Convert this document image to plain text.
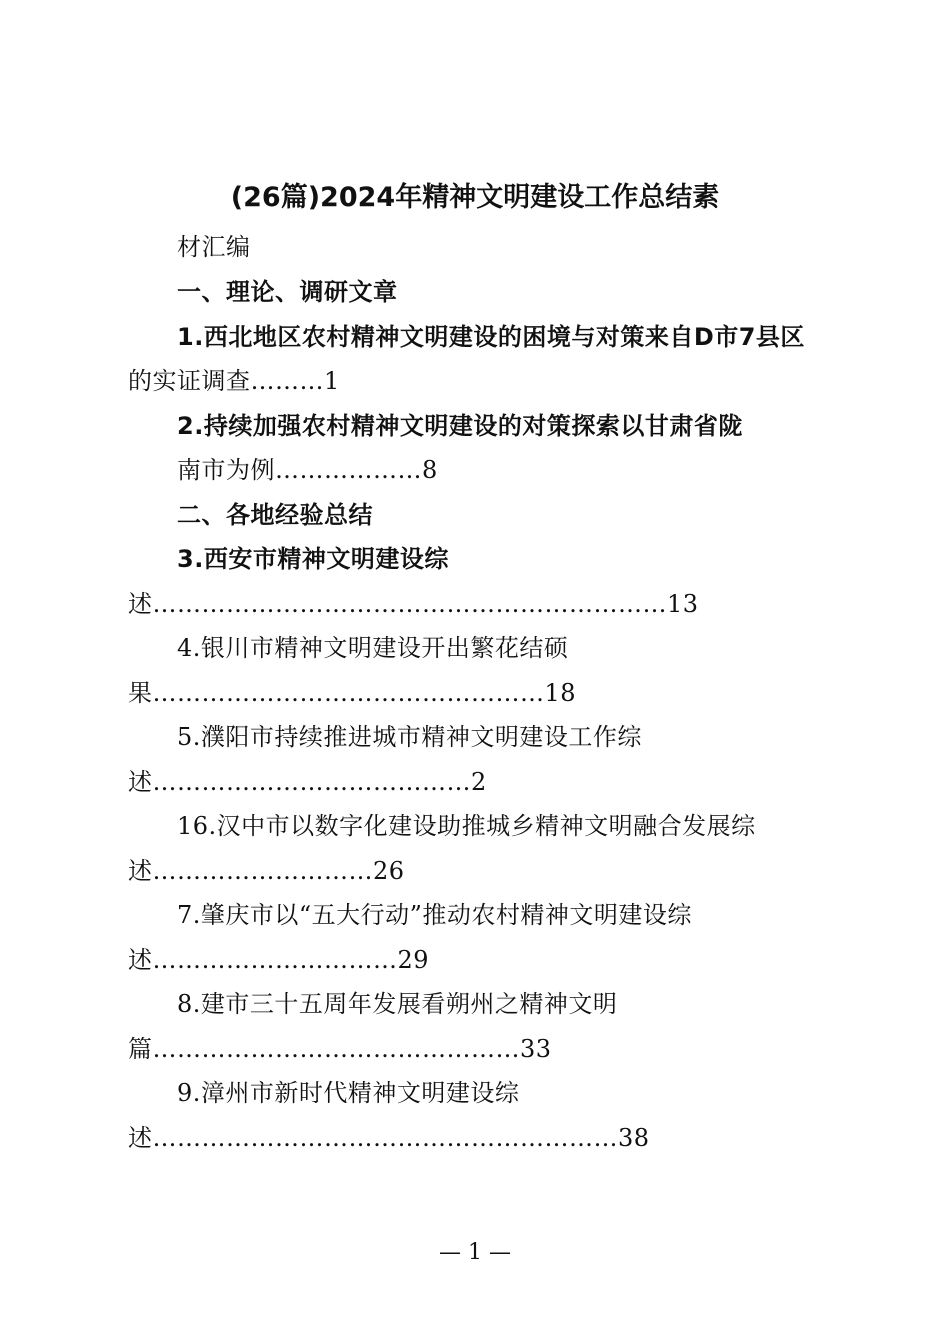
(26篇)2024年精神文明建设工作总结素
材汇编
一、理论、调研文章
1.西北地区农村精神文明建设的困境与对策来自D市7县区
的实证调查………1
2.持续加强农村精神文明建设的对策探索以甘肃省陇
南市为例………………8
二、各地经验总结
3.西安市精神文明建设综
述………………………………………………………13
4.银川市精神文明建设开出繁花结硕
果…………………………………………18
5.濮阳市持续推进城市精神文明建设工作综
述…………………………………2
16.汉中市以数字化建设助推城乡精神文明融合发展综
述………………………26
7.肇庆市以“五大行动”推动农村精神文明建设综
述…………………………29
8.建市三十五周年发展看朔州之精神文明
篇………………………………………33
9.漳州市新时代精神文明建设综
述…………………………………………………38
— 1 —
